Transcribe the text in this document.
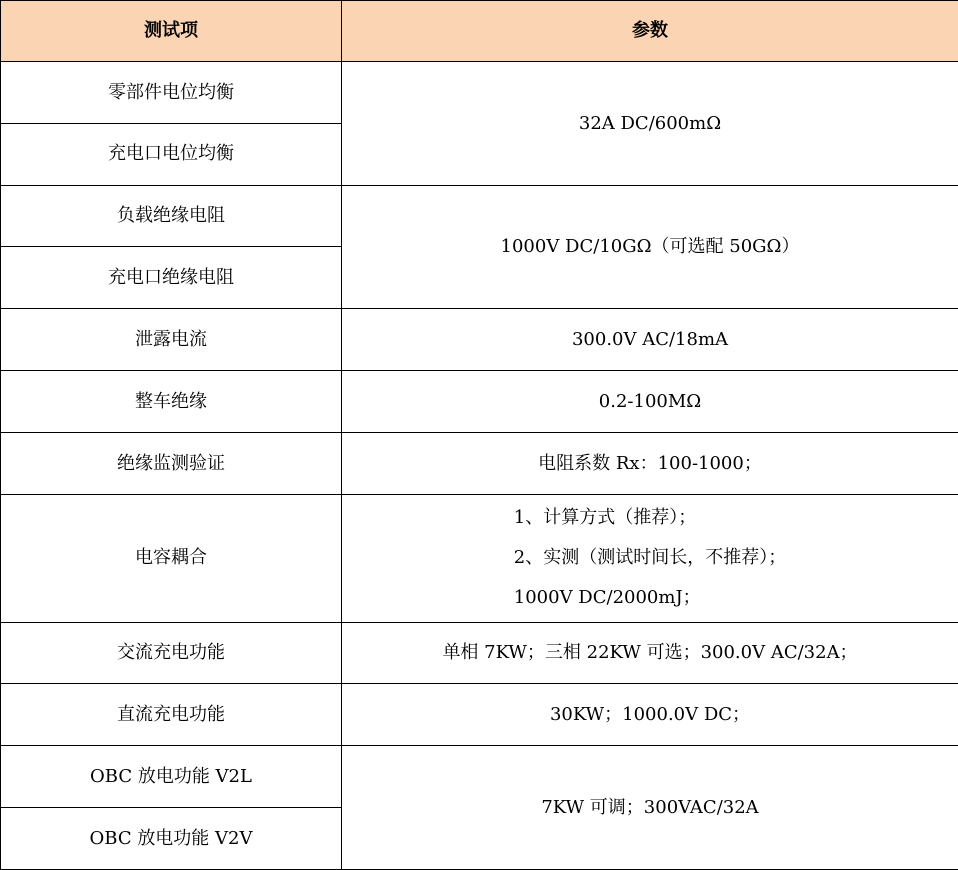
测试项	参数
零部件电位均衡	32A DC/600mΩ
充电口电位均衡	
负载绝缘电阻	1000V DC/10GΩ（可选配 50GΩ）
充电口绝缘电阻	
泄露电流	300.0V AC/18mA
整车绝缘	0.2-100MΩ
绝缘监测验证	电阻系数 Rx：100-1000；
电容耦合	1、计算方式（推荐）；
2、实测（测试时间长，不推荐）；
1000V DC/2000mJ；

交流充电功能	单相 7KW；三相 22KW 可选；300.0V AC/32A；
直流充电功能	30KW；1000.0V DC；
OBC 放电功能 V2L	7KW 可调；300VAC/32A
OBC 放电功能 V2V	
